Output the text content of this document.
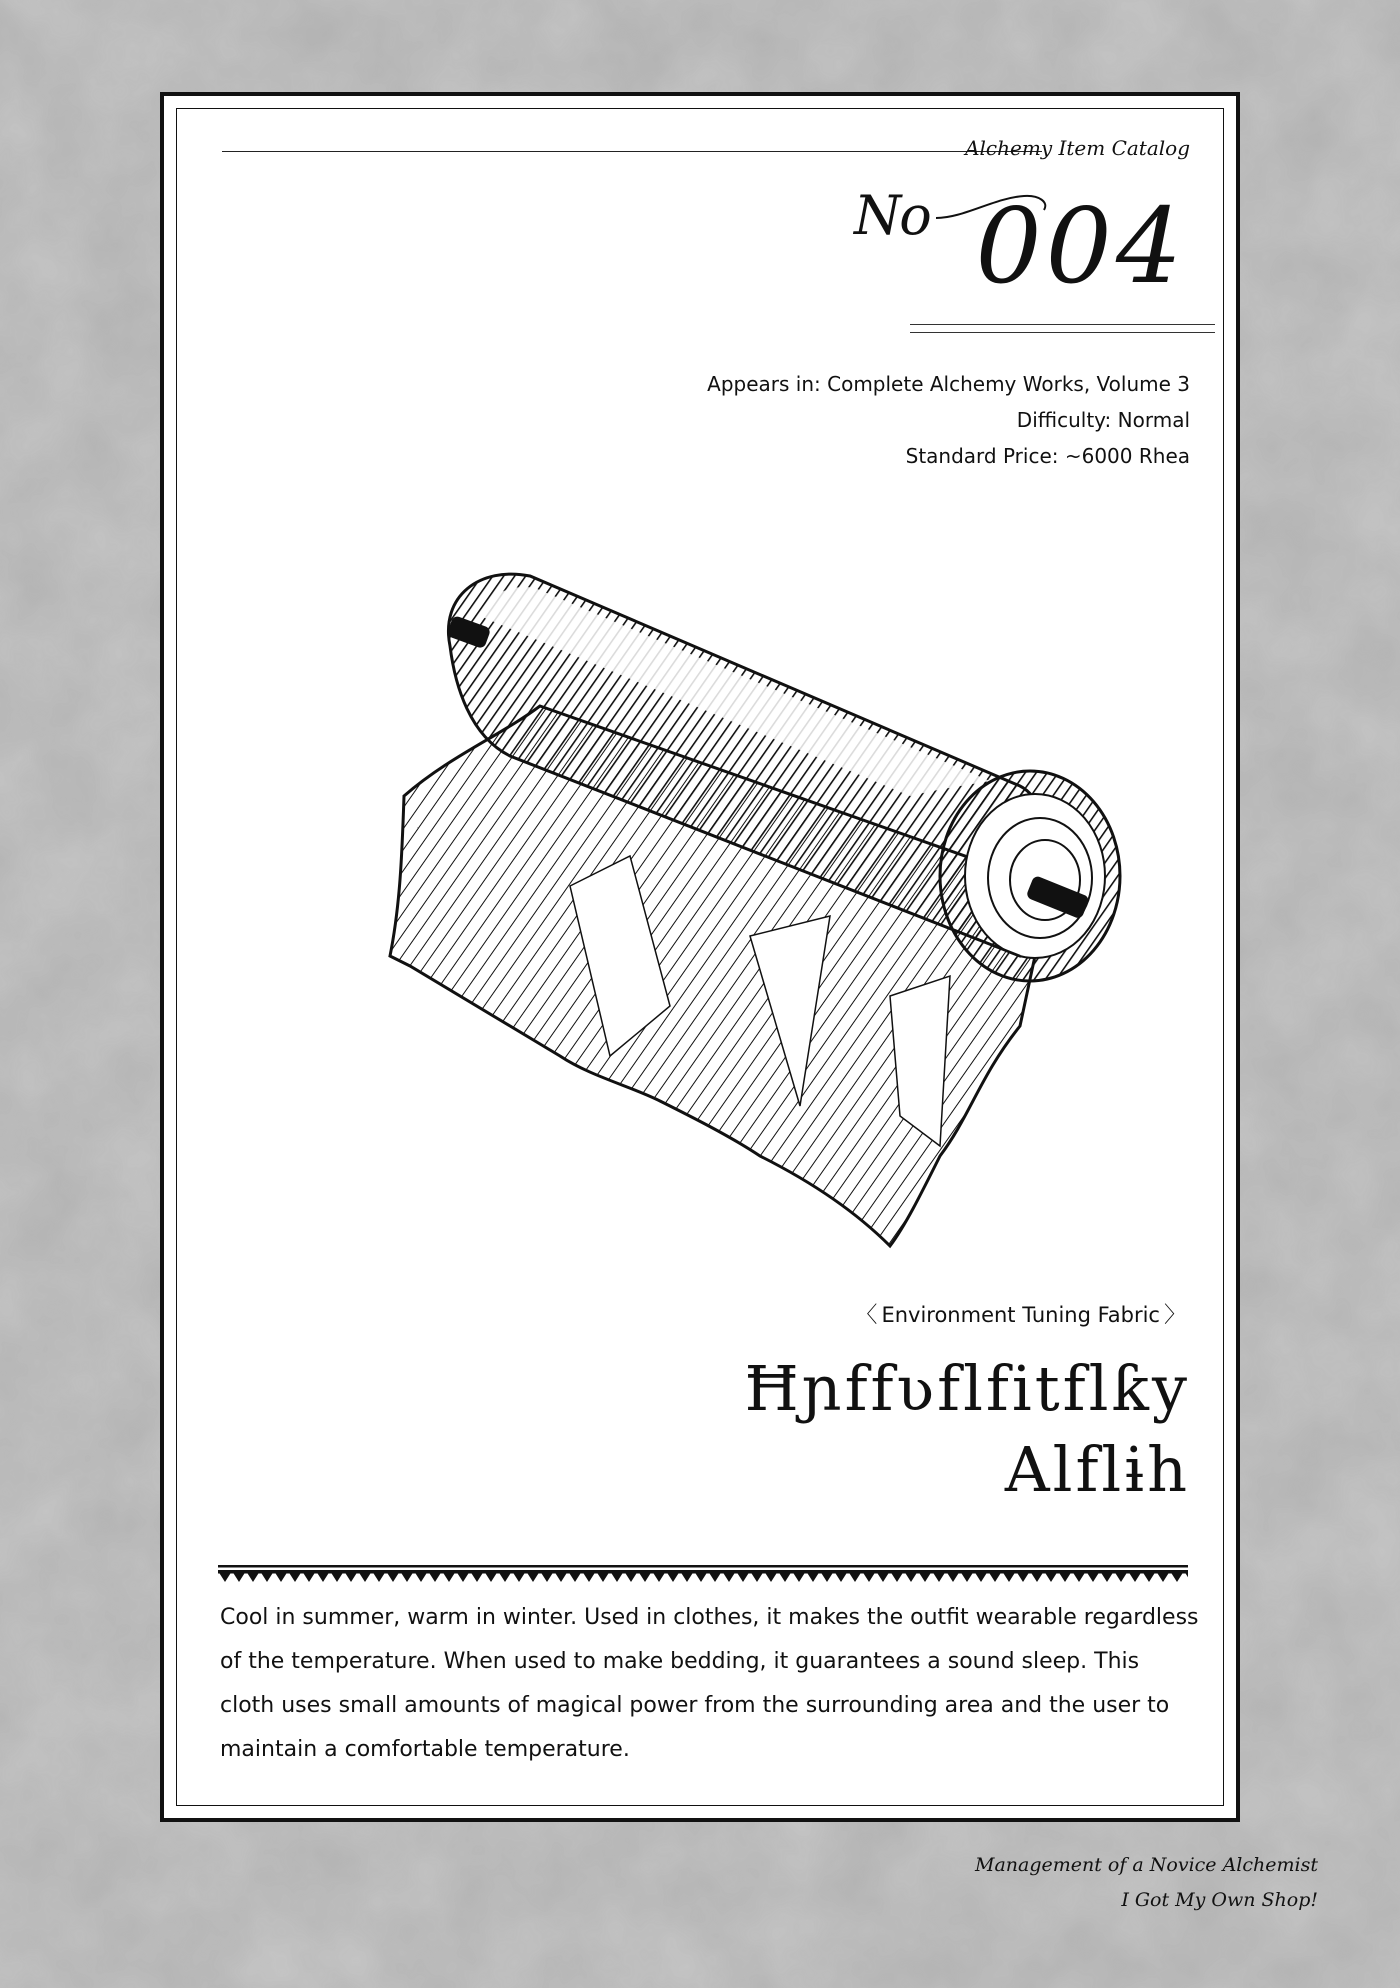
Alchemy Item Catalog
No 004
Appears in: Complete Alchemy Works, Volume 3
Difficulty: Normal
Standard Price: ~6000 Rhea
〈 Environment Tuning Fabric 〉
Ħɲffʋflfitflƙy
Alflɨh
Cool in summer, warm in winter. Used in clothes, it makes the outfit wearable regardless of the temperature. When used to make bedding, it guarantees a sound sleep. This cloth uses small amounts of magical power from the surrounding area and the user to maintain a comfortable temperature.
Management of a Novice Alchemist
I Got My Own Shop!
